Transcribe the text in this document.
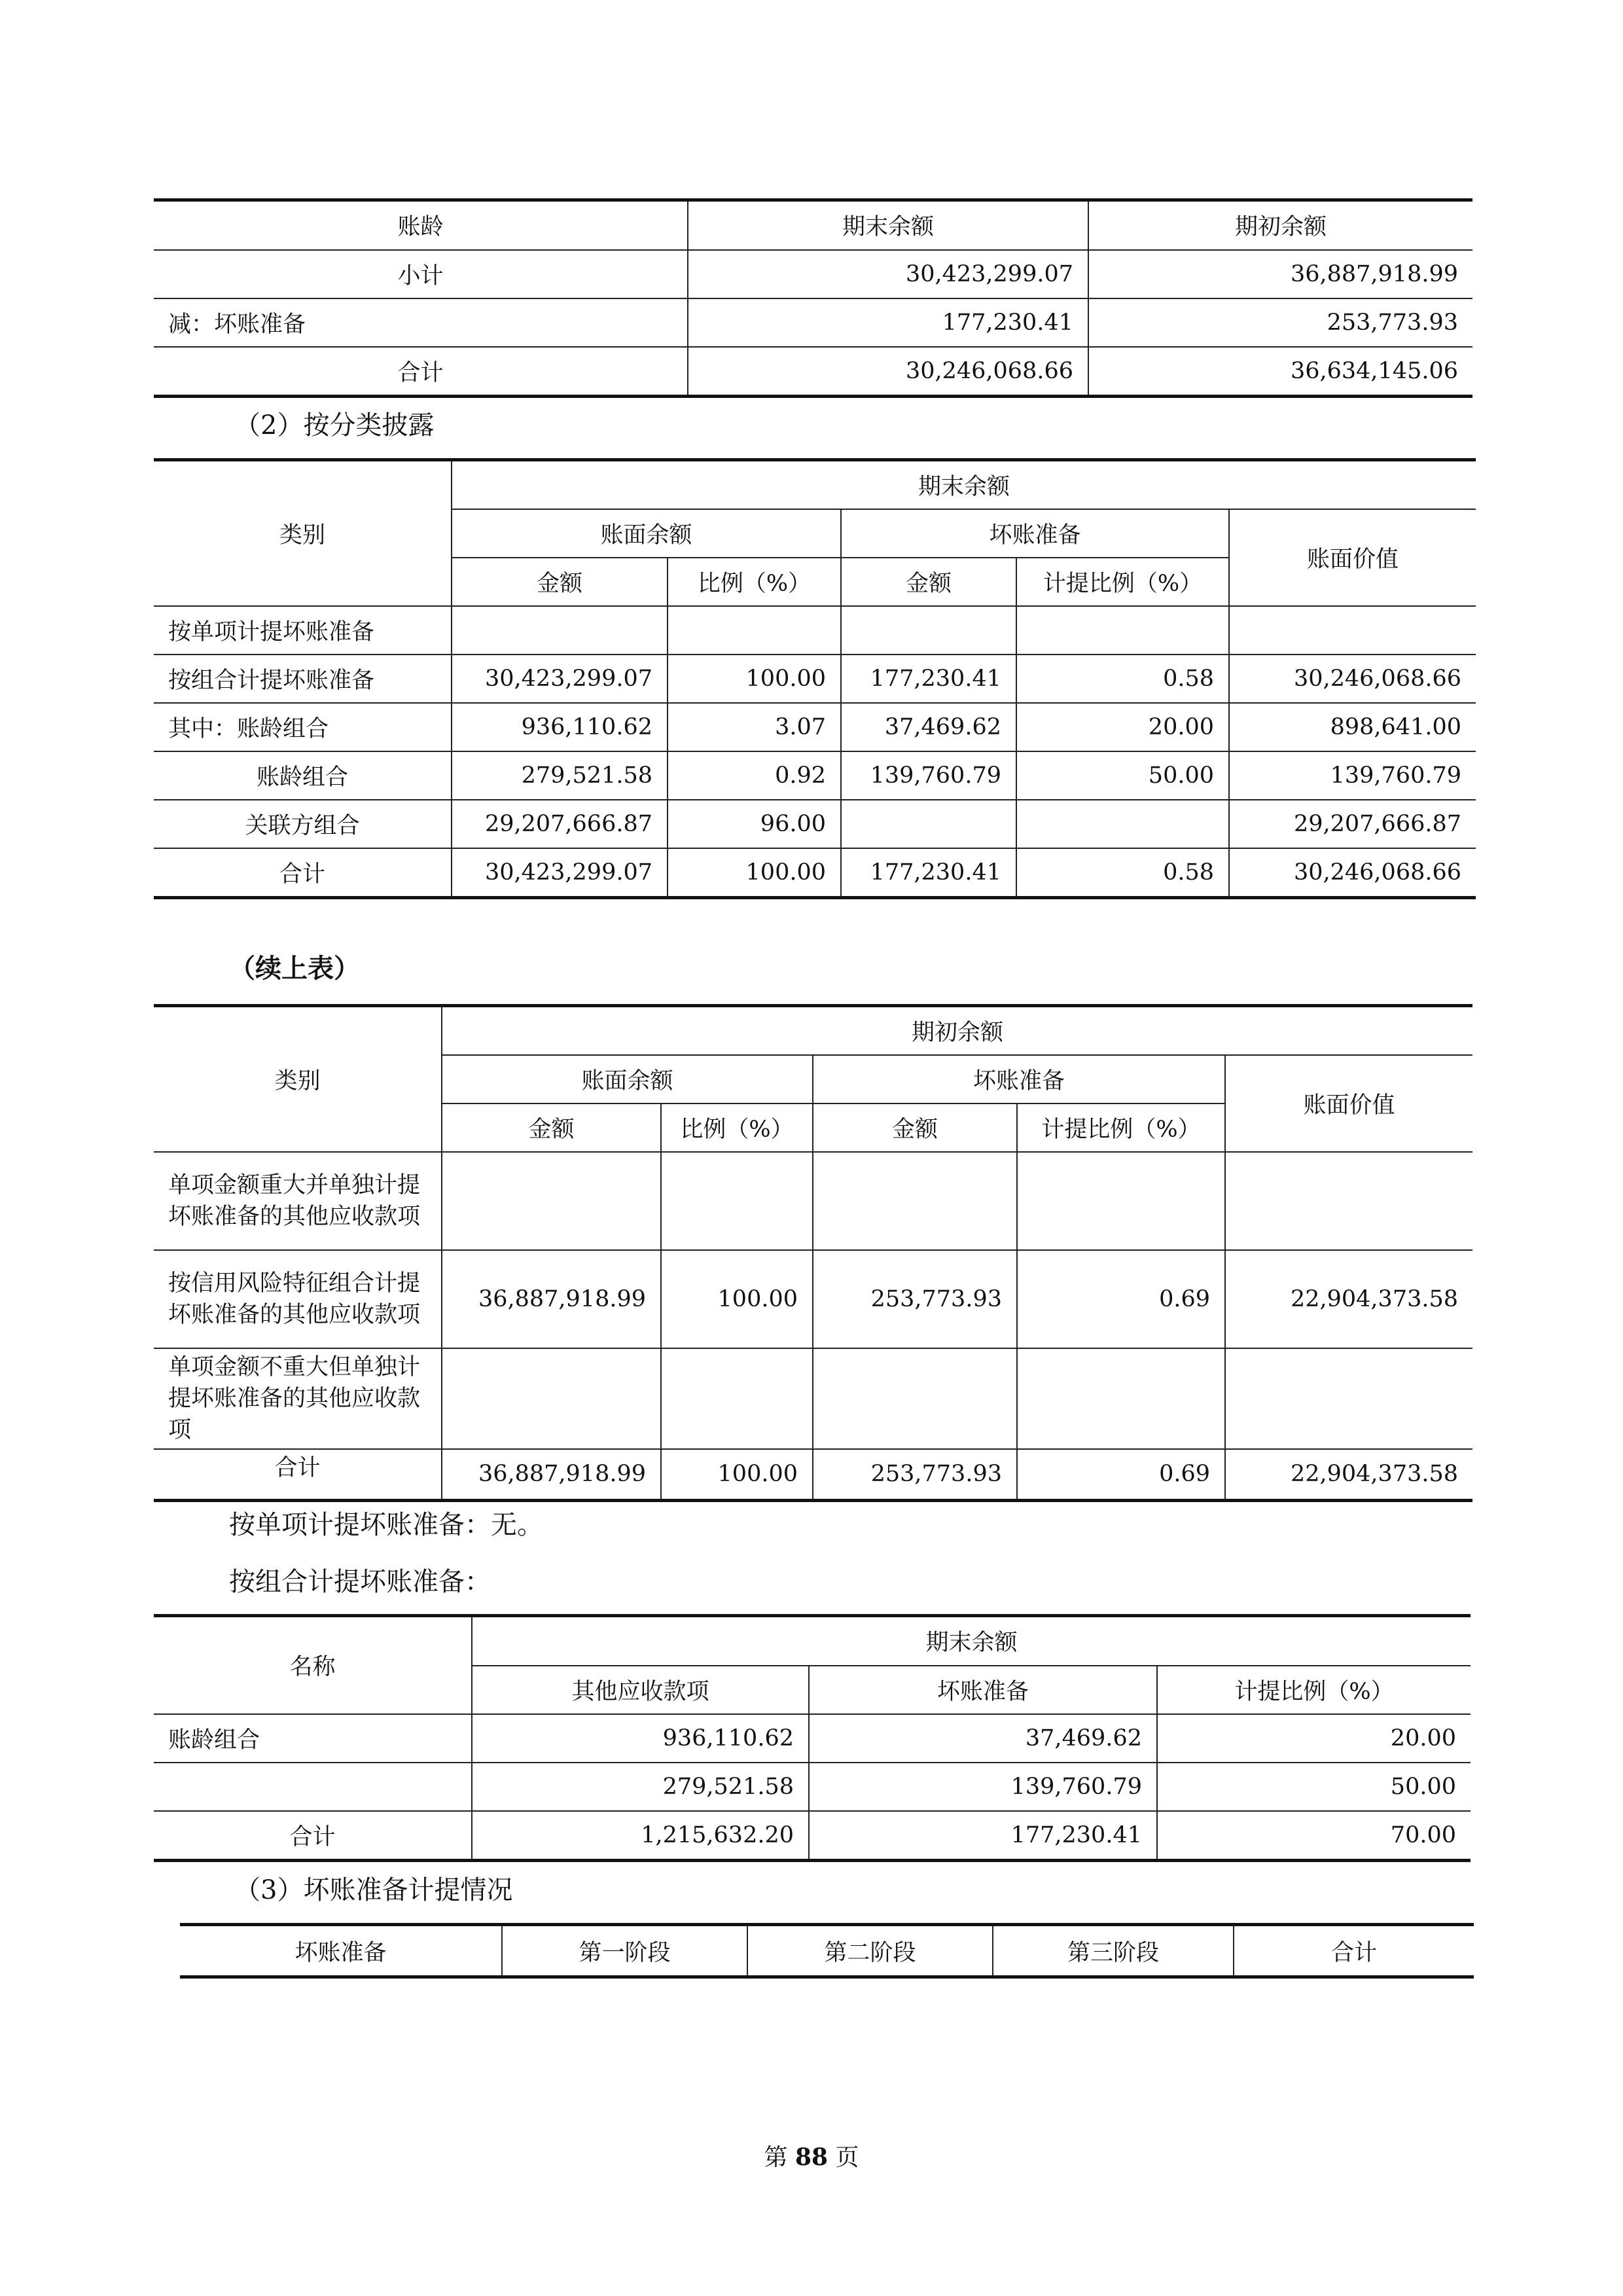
账龄	期末余额	期初余额
小计	30,423,299.07	36,887,918.99
减：坏账准备	177,230.41	253,773.93
合计	30,246,068.66	36,634,145.06
（2）按分类披露
类别	期末余额				
	账面余额		坏账准备		账面价值
	金额	比例（%）	金额	计提比例（%）	
按单项计提坏账准备					
按组合计提坏账准备	30,423,299.07	100.00	177,230.41	0.58	30,246,068.66
其中：账龄组合	936,110.62	3.07	37,469.62	20.00	898,641.00
账龄组合	279,521.58	0.92	139,760.79	50.00	139,760.79
关联方组合	29,207,666.87	96.00			29,207,666.87
合计	30,423,299.07	100.00	177,230.41	0.58	30,246,068.66
（续上表）
类别	期初余额				
	账面余额		坏账准备		账面价值
	金额	比例（%）	金额	计提比例（%）	
单项金额重大并单独计提坏账准备的其他应收款项					
按信用风险特征组合计提坏账准备的其他应收款项	36,887,918.99	100.00	253,773.93	0.69	22,904,373.58
单项金额不重大但单独计提坏账准备的其他应收款项					
合计	36,887,918.99	100.00	253,773.93	0.69	22,904,373.58
按单项计提坏账准备：无。
按组合计提坏账准备：
名称	期末余额		
	其他应收款项	坏账准备	计提比例（%）
账龄组合	936,110.62	37,469.62	20.00
	279,521.58	139,760.79	50.00
合计	1,215,632.20	177,230.41	70.00
（3）坏账准备计提情况
坏账准备	第一阶段	第二阶段	第三阶段	合计
第 88 页
